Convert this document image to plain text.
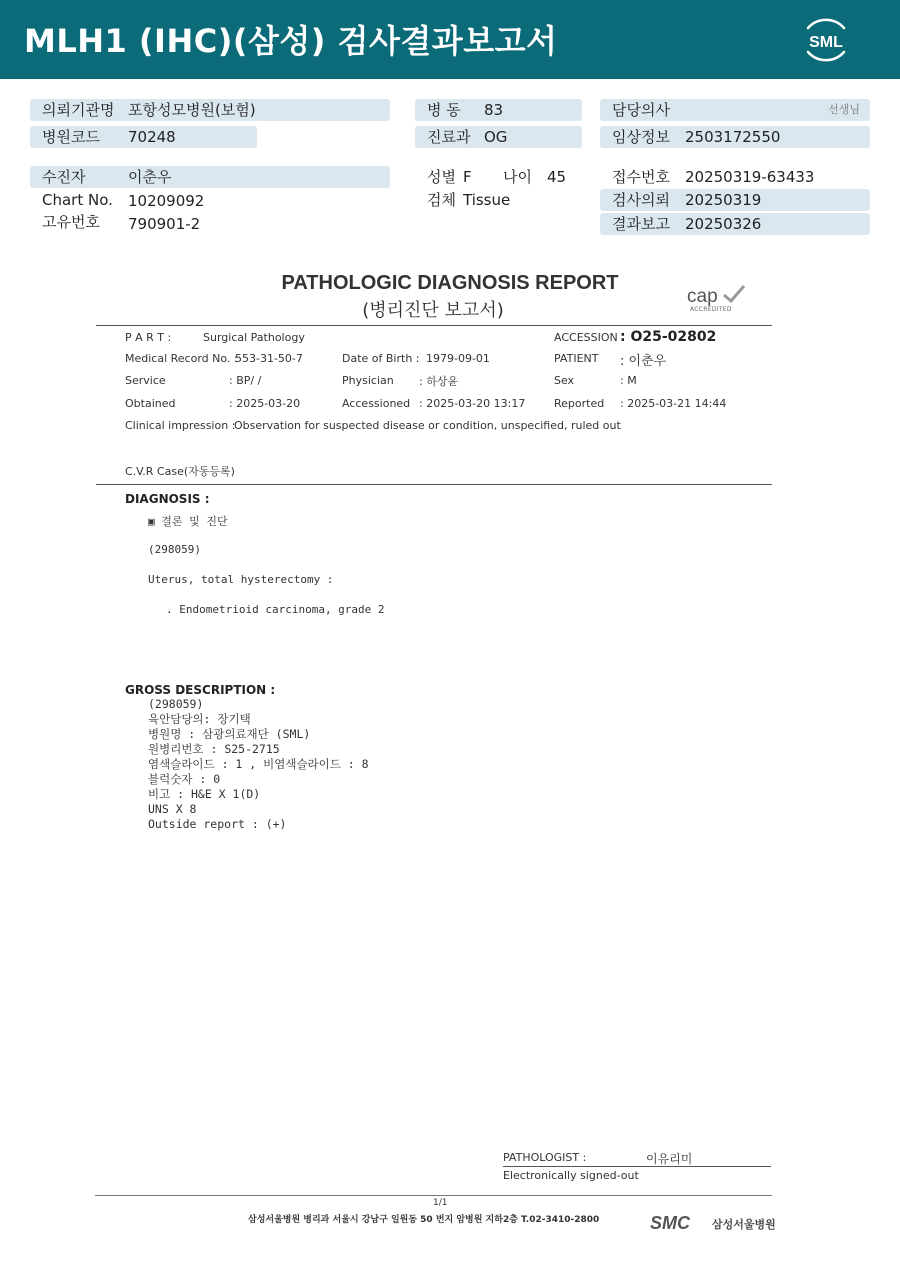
MLH1 (IHC)(삼성) 검사결과보고서	SML
의뢰기관명 포항성모병원(보험)
병원코드 70248
병 동 83
진료과 OG
담당의사	선생님
임상정보 2503172550
수진자	이춘우
Chart No. 10209092
고유번호 790901-2
성별 F 나이 45
검체 Tissue
접수번호 20250319-63433
검사의뢰 20250319
결과보고 20250326
PATHOLOGIC DIAGNOSIS REPORT
(병리진단 보고서)
cap
ACCREDITED
P A R T :	Surgical Pathology	ACCESSION : O25-02802
Medical Record No. :
553-31-50-7	Date of Birth : 1979-09-01	PATIENT : 이춘우
Service	: BP/ /	Physician : 하상윤	Sex	: M
Obtained	: 2025-03-20	Accessioned : 2025-03-20 13:17	Reported : 2025-03-21 14:44
Clinical impression :
Observation for suspected disease or condition, unspecified, ruled out
C.V.R Case(자동등록)
DIAGNOSIS :
▣ 결론 및 진단
(298059)
Uterus, total hysterectomy :
. Endometrioid carcinoma, grade 2
GROSS DESCRIPTION :
(298059)
육안담당의: 장기택
병원명 : 삼광의료재단 (SML)
원병리번호 : S25-2715
염색슬라이드 : 1 , 비염색슬라이드 : 8
블럭숫자 : 0
비고 : H&E X 1(D)
UNS X 8
Outside report : (+)
PATHOLOGIST :	이유리미
Electronically signed-out
1/1
삼성서울병원 병리과 서울시 강남구 일원동 50 번지 암병원 지하2층 T.02-3410-2800	SMC 삼성서울병원
